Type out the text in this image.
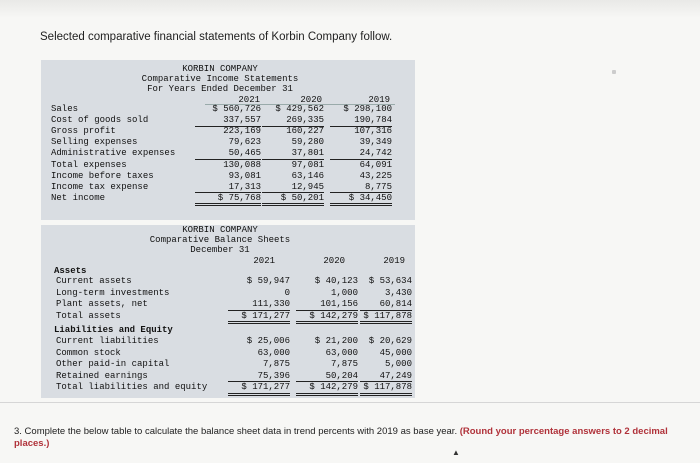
Selected comparative financial statements of Korbin Company follow.
KORBIN COMPANY
Comparative Income Statements
For Years Ended December 31
2021	2020	2019
Sales	$ 560,726	$ 429,562	$ 298,100
Cost of goods sold	337,557	269,335	190,784
Gross profit	223,169	160,227	107,316
Selling expenses	79,623	59,280	39,349
Administrative expenses	50,465	37,801	24,742
Total expenses	130,088	97,081	64,091
Income before taxes	93,081	63,146	43,225
Income tax expense	17,313	12,945	8,775
Net income	$ 75,768	$ 50,201	$ 34,450
KORBIN COMPANY
Comparative Balance Sheets
December 31
2021	2020	2019
Assets
Current assets	$ 59,947	$ 40,123	$ 53,634
Long-term investments	0	1,000	3,430
Plant assets, net	111,330	101,156	60,814
Total assets	$ 171,277	$ 142,279 $ 117,878
Liabilities and Equity
Current liabilities	$ 25,006	$ 21,200	$ 20,629
Common stock	63,000	63,000	45,000
Other paid-in capital	7,875	7,875	5,000
Retained earnings	75,396	50,204	47,249
Total liabilities and equity	$ 171,277	$ 142,279 $ 117,878
3. Complete the below table to calculate the balance sheet data in trend percents with 2019 as base year. (Round your percentage answers to 2 decimal places.)
▲
